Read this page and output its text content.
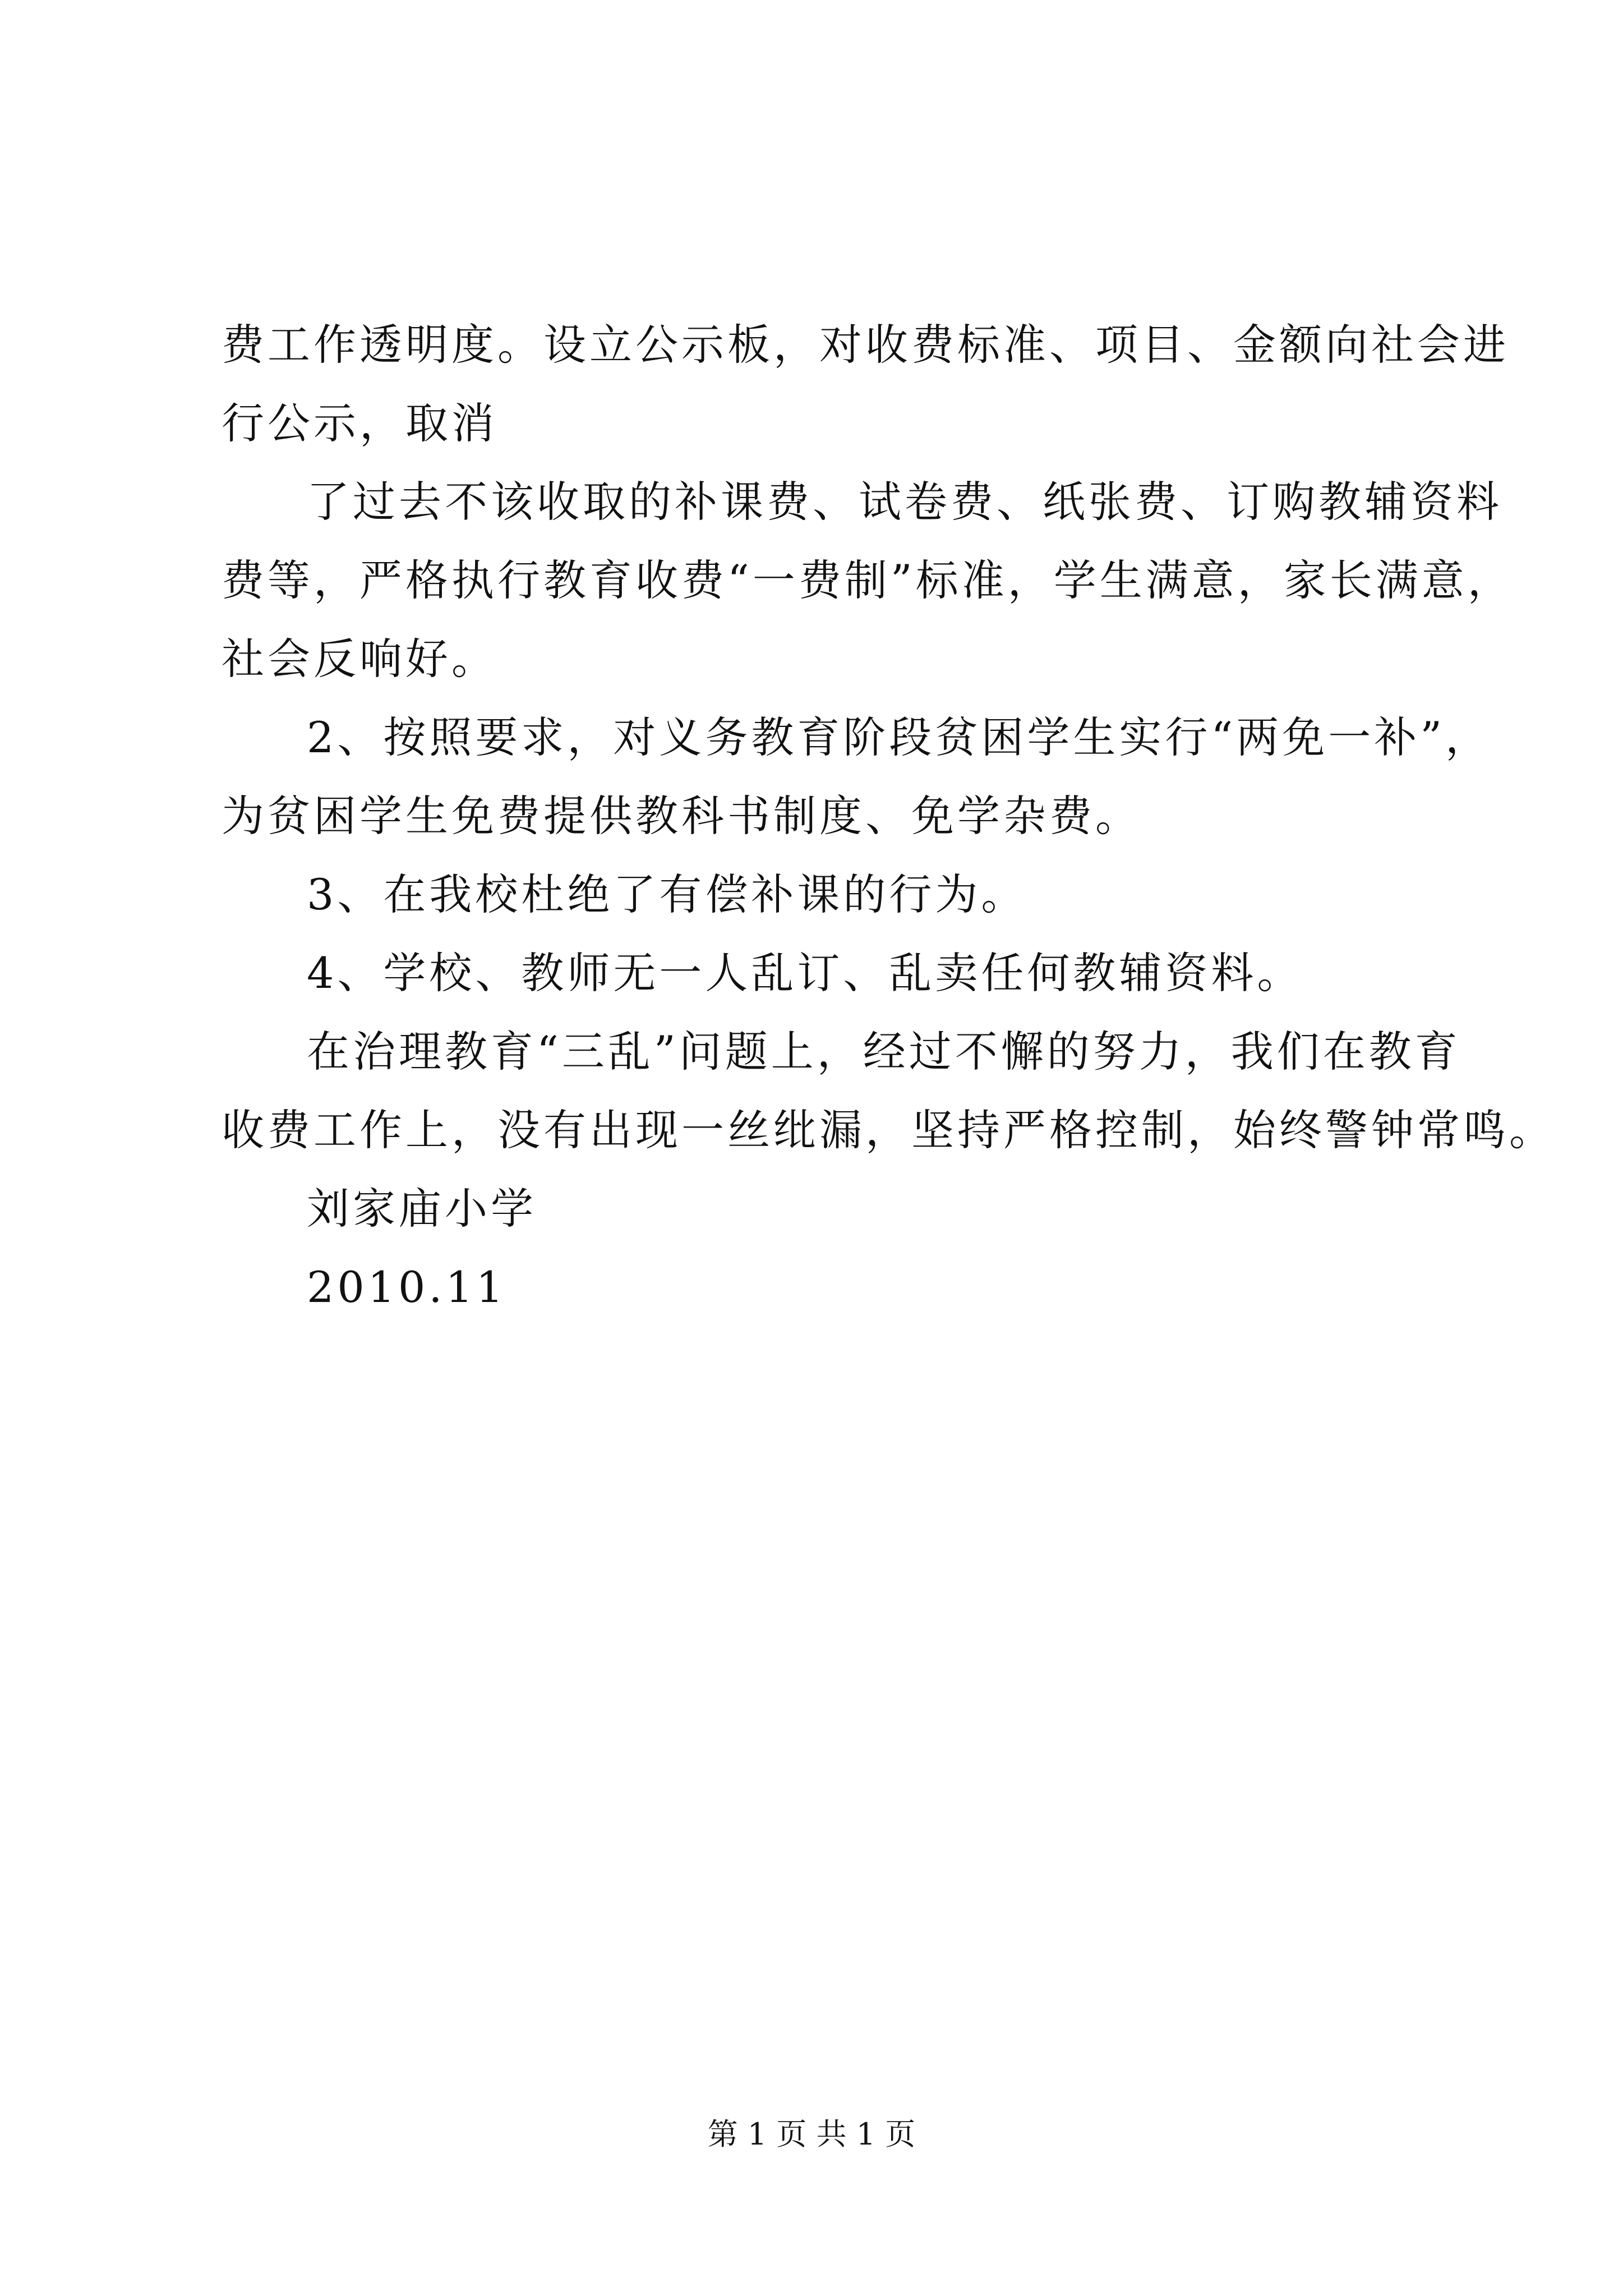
费工作透明度。设立公示板，对收费标准、项目、金额向社会进

行公示，取消

了过去不该收取的补课费、试卷费、纸张费、订购教辅资料

费等，严格执行教育收费“一费制”标准，学生满意，家长满意，

社会反响好。

2、按照要求，对义务教育阶段贫困学生实行“两免一补”，

为贫困学生免费提供教科书制度、免学杂费。

3、在我校杜绝了有偿补课的行为。

4、学校、教师无一人乱订、乱卖任何教辅资料。

在治理教育“三乱”问题上，经过不懈的努力，我们在教育

收费工作上，没有出现一丝纰漏，坚持严格控制，始终警钟常鸣。

刘家庙小学

2010.11

第 1 页 共 1 页
